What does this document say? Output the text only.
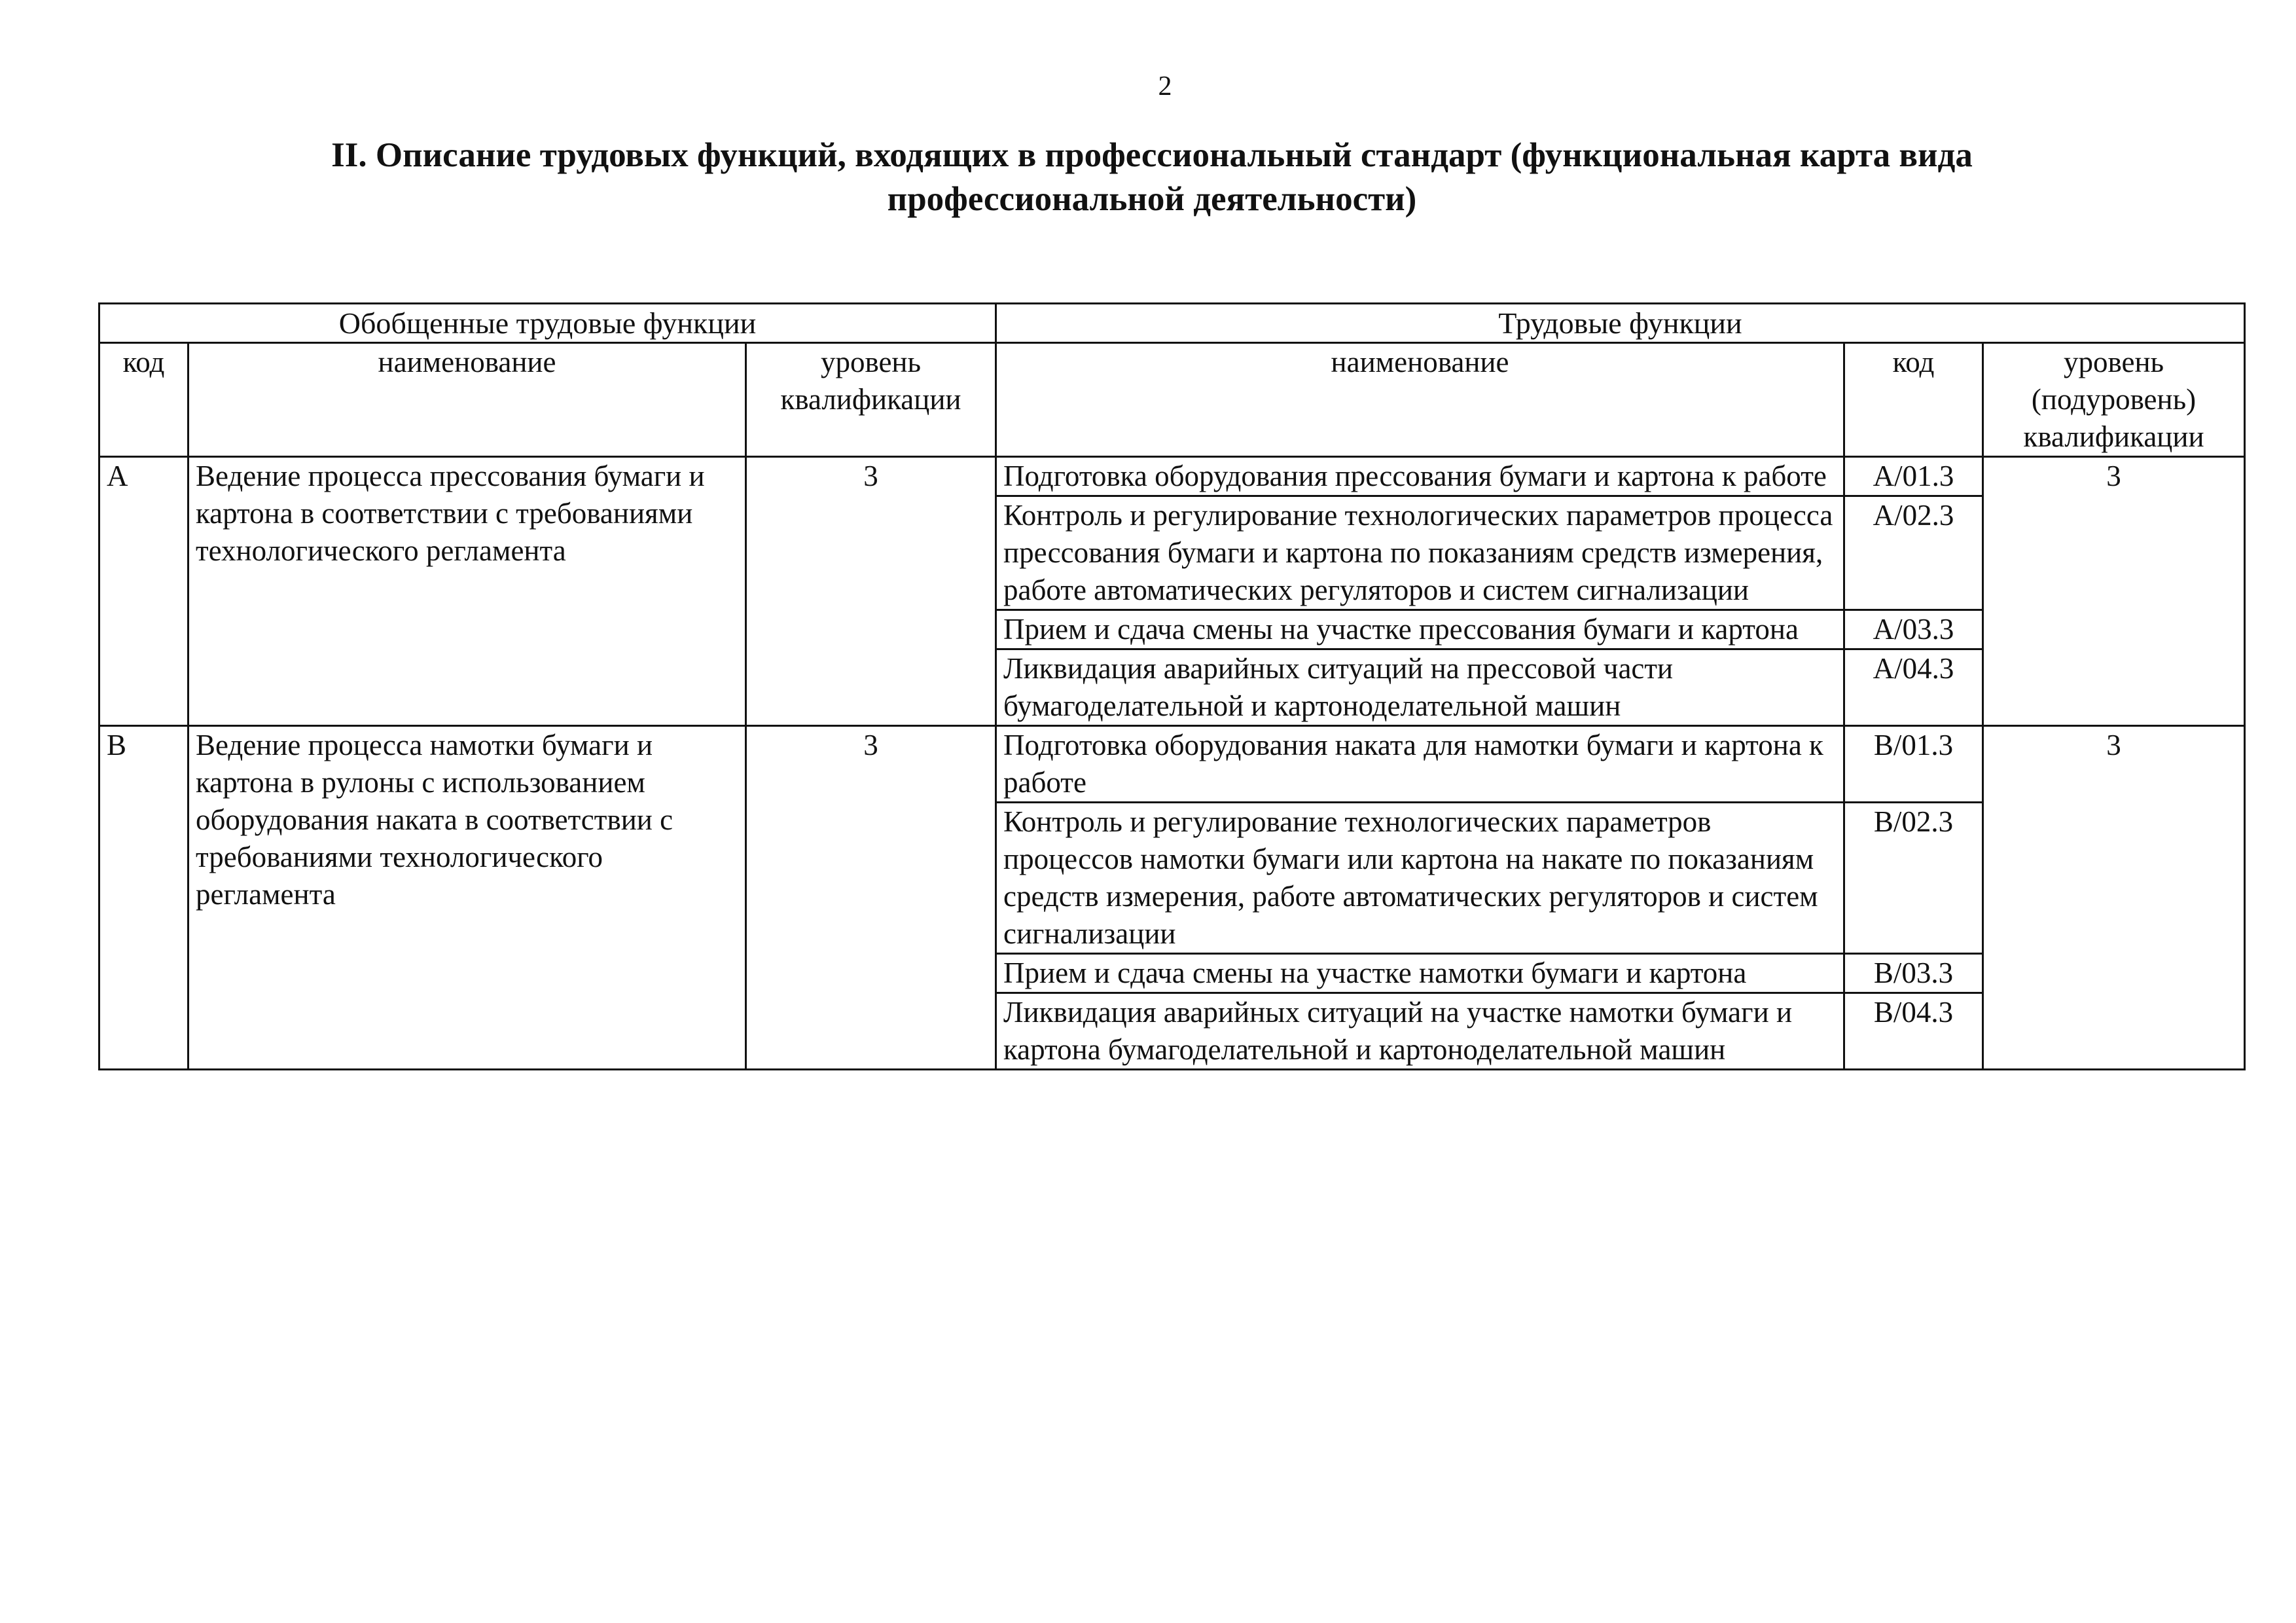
2
II. Описание трудовых функций, входящих в профессиональный стандарт (функциональная карта вида
профессиональной деятельности)
Обобщенные трудовые функции			Трудовые функции		
код	наименование	уровень квалификации	наименование	код	уровень (подуровень) квалификации
A	Ведение процесса прессования бумаги и картона в соответствии с требованиями технологического регламента	3	Подготовка оборудования прессования бумаги и картона к работе	A/01.3	3
			Контроль и регулирование технологических параметров процесса прессования бумаги и картона по показаниям средств измерения, работе автоматических регуляторов и систем сигнализации	A/02.3	
			Прием и сдача смены на участке прессования бумаги и картона	A/03.3	
			Ликвидация аварийных ситуаций на прессовой части бумагоделательной и картоноделательной машин	A/04.3	
B	Ведение процесса намотки бумаги и картона в рулоны с использованием оборудования наката в соответствии с требованиями технологического регламента	3	Подготовка оборудования наката для намотки бумаги и картона к работе	B/01.3	3
			Контроль и регулирование технологических параметров процессов намотки бумаги или картона на накате по показаниям средств измерения, работе автоматических регуляторов и систем сигнализации	B/02.3	
			Прием и сдача смены на участке намотки бумаги и картона	B/03.3	
			Ликвидация аварийных ситуаций на участке намотки бумаги и картона бумагоделательной и картоноделательной машин	B/04.3	
